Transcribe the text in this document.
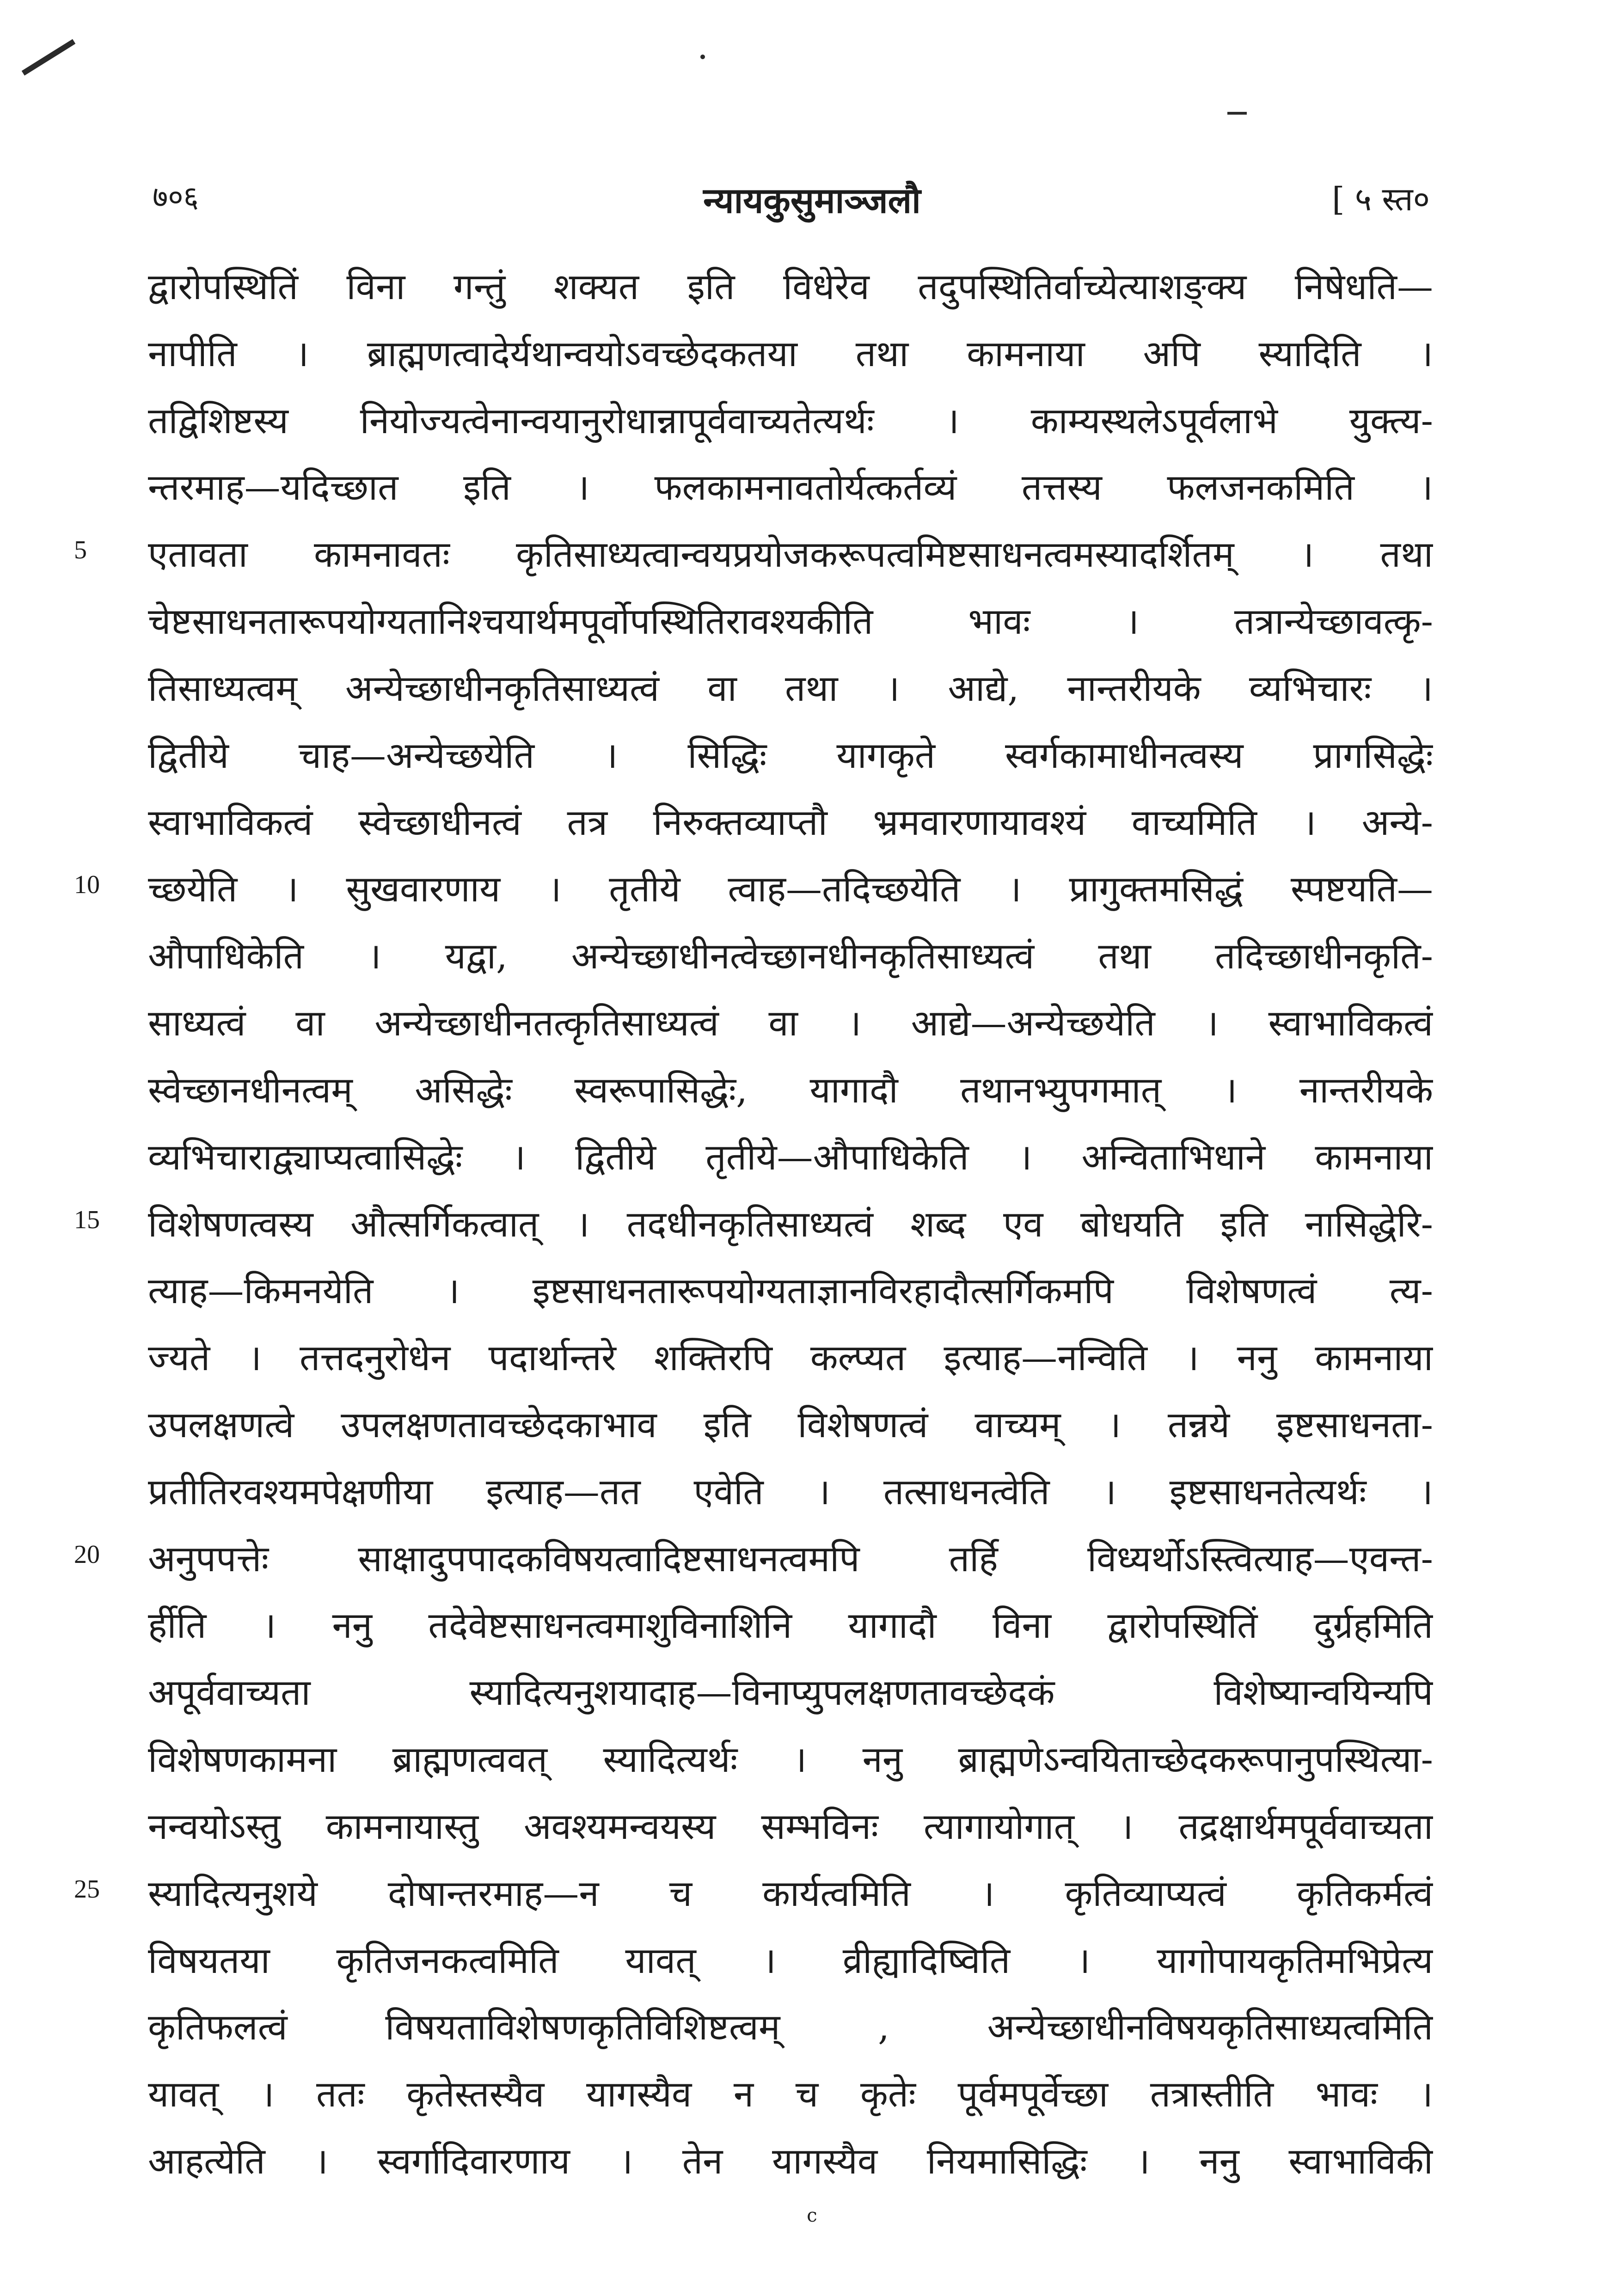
७०६	न्यायकुसुमाञ्जलौ	[ ५ स्त०
द्वारोपस्थितिं विना गन्तुं शक्यत इति विधेरेव तदुपस्थितिर्वाच्येत्याशङ्क्य निषेधति—
नापीति । ब्राह्मणत्वादेर्यथान्वयोऽवच्छेदकतया तथा कामनाया अपि स्यादिति ।
तद्विशिष्टस्य नियोज्यत्वेनान्वयानुरोधान्नापूर्ववाच्यतेत्यर्थः । काम्यस्थलेऽपूर्वलाभे युक्त्य-
न्तरमाह—यदिच्छात इति । फलकामनावतोर्यत्कर्तव्यं तत्तस्य फलजनकमिति ।
5 एतावता कामनावतः कृतिसाध्यत्वान्वयप्रयोजकरूपत्वमिष्टसाधनत्वमस्यादर्शितम् । तथा
चेष्टसाधनतारूपयोग्यतानिश्चयार्थमपूर्वोपस्थितिरावश्यकीति भावः । तत्रान्येच्छावत्कृ-
तिसाध्यत्वम् अन्येच्छाधीनकृतिसाध्यत्वं वा तथा । आद्ये, नान्तरीयके व्यभिचारः ।
द्वितीये चाह—अन्येच्छयेति । सिद्धिः यागकृते स्वर्गकामाधीनत्वस्य प्रागसिद्धेः
स्वाभाविकत्वं स्वेच्छाधीनत्वं तत्र निरुक्तव्याप्तौ भ्रमवारणायावश्यं वाच्यमिति । अन्ये-
10 च्छयेति । सुखवारणाय । तृतीये त्वाह—तदिच्छयेति । प्रागुक्तमसिद्धं स्पष्टयति—
औपाधिकेति । यद्वा, अन्येच्छाधीनत्वेच्छानधीनकृतिसाध्यत्वं तथा तदिच्छाधीनकृति-
साध्यत्वं वा अन्येच्छाधीनतत्कृतिसाध्यत्वं वा । आद्ये—अन्येच्छयेति । स्वाभाविकत्वं
स्वेच्छानधीनत्वम् असिद्धेः स्वरूपासिद्धेः, यागादौ तथानभ्युपगमात् । नान्तरीयके
व्यभिचाराद्व्याप्यत्वासिद्धेः । द्वितीये तृतीये—औपाधिकेति । अन्विताभिधाने कामनाया
15 विशेषणत्वस्य औत्सर्गिकत्वात् । तदधीनकृतिसाध्यत्वं शब्द एव बोधयति इति नासिद्धेरि-
त्याह—किमनयेति । इष्टसाधनतारूपयोग्यताज्ञानविरहादौत्सर्गिकमपि विशेषणत्वं त्य-
ज्यते । तत्तदनुरोधेन पदार्थान्तरे शक्तिरपि कल्प्यत इत्याह—नन्विति । ननु कामनाया
उपलक्षणत्वे उपलक्षणतावच्छेदकाभाव इति विशेषणत्वं वाच्यम् । तन्नये इष्टसाधनता-
प्रतीतिरवश्यमपेक्षणीया इत्याह—तत एवेति । तत्साधनत्वेति । इष्टसाधनतेत्यर्थः ।
20 अनुपपत्तेः साक्षादुपपादकविषयत्वादिष्टसाधनत्वमपि तर्हि विध्यर्थोऽस्त्वित्याह—एवन्त-
र्हीति । ननु तदेवेष्टसाधनत्वमाशुविनाशिनि यागादौ विना द्वारोपस्थितिं दुर्ग्रहमिति
अपूर्ववाच्यता स्यादित्यनुशयादाह—विनाप्युपलक्षणतावच्छेदकं विशेष्यान्वयिन्यपि
विशेषणकामना ब्राह्मणत्ववत् स्यादित्यर्थः । ननु ब्राह्मणेऽन्वयिताच्छेदकरूपानुपस्थित्या-
नन्वयोऽस्तु कामनायास्तु अवश्यमन्वयस्य सम्भविनः त्यागायोगात् । तद्रक्षार्थमपूर्ववाच्यता
25 स्यादित्यनुशये दोषान्तरमाह—न च कार्यत्वमिति । कृतिव्याप्यत्वं कृतिकर्मत्वं
विषयतया कृतिजनकत्वमिति यावत् । व्रीह्यादिष्विति । यागोपायकृतिमभिप्रेत्य
कृतिफलत्वं विषयताविशेषणकृतिविशिष्टत्वम् , अन्येच्छाधीनविषयकृतिसाध्यत्वमिति
यावत् । ततः कृतेस्तस्यैव यागस्यैव न च कृतेः पूर्वमपूर्वेच्छा तत्रास्तीति भावः ।
आहत्येति । स्वर्गादिवारणाय । तेन यागस्यैव नियमासिद्धिः । ननु स्वाभाविकी
c
